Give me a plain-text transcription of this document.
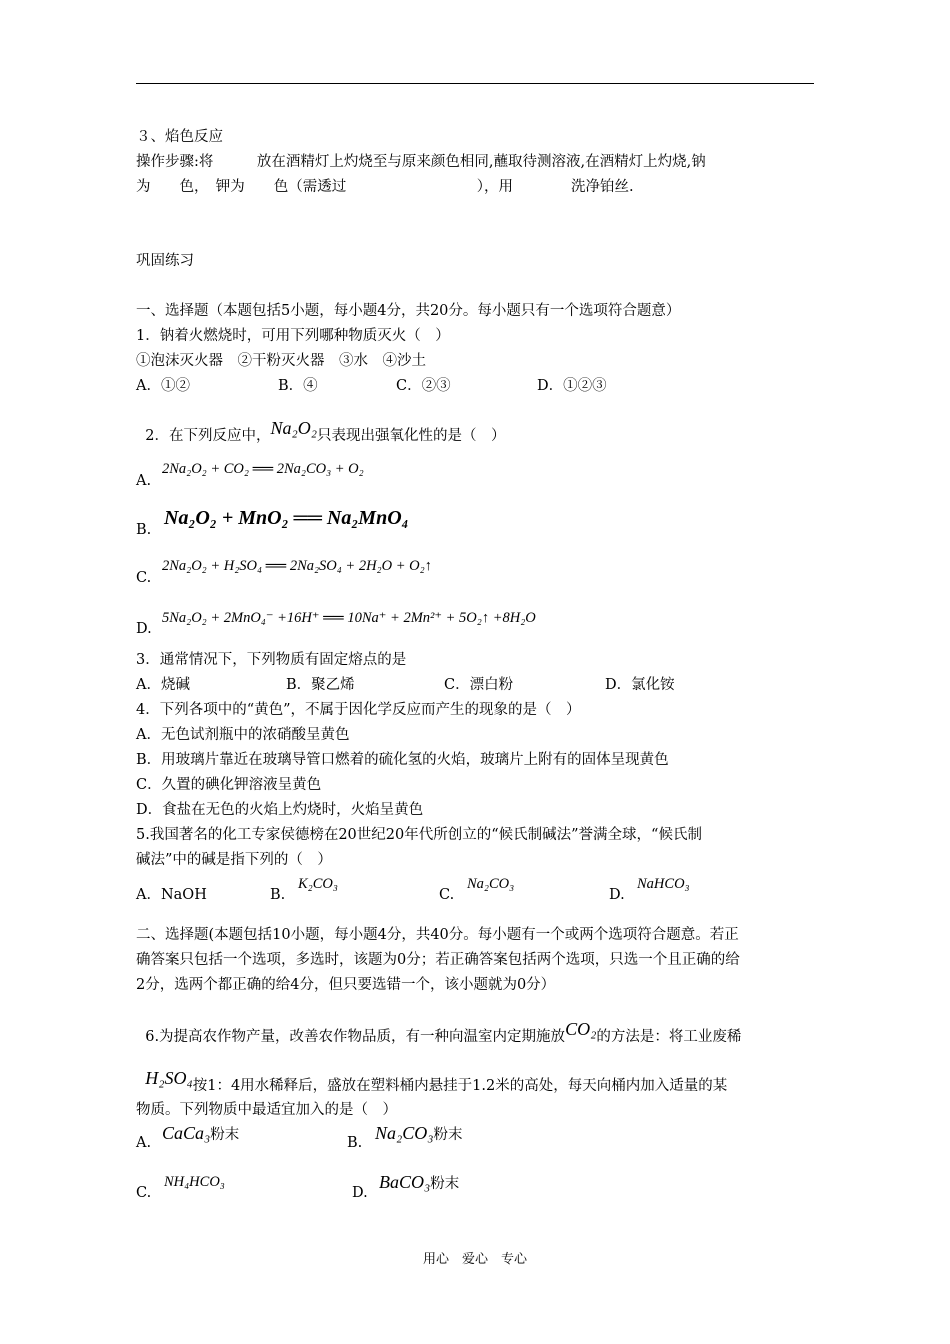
３、焰色反应
操作步骤:将　　　放在酒精灯上灼烧至与原来颜色相同,蘸取待测溶液,在酒精灯上灼烧,钠
为　　色，　钾为　　色（需透过　　　　　　　　　），用　　　　洗净铂丝.
巩固练习
一、选择题（本题包括5小题，每小题4分，共20分。每小题只有一个选项符合题意）
1．钠着火燃烧时，可用下列哪种物质灭火（　）
①泡沫灭火器　②干粉灭火器　③水　④沙土
A．①②	B．④	C．②③	D．①②③

2．在下列反应中，Na₂O₂只表现出强氧化性的是（　）

A.
2Na₂O₂ + CO₂ ══ 2Na₂CO₃ + O₂
B.
Na₂O₂ + MnO₂ ══ Na₂MnO₄
C.
2Na₂O₂ + H₂SO₄ ══ 2Na₂SO₄ + 2H₂O + O₂↑
D.
5Na₂O₂ + 2MnO₄⁻ +16H⁺ ══ 10Na⁺ + 2Mn²⁺ + 5O₂↑ +8H₂O
3．通常情况下，下列物质有固定熔点的是
A．烧碱	B．聚乙烯	C．漂白粉	D．氯化铵
4．下列各项中的“黄色”，不属于因化学反应而产生的现象的是（　）
A．无色试剂瓶中的浓硝酸呈黄色
B．用玻璃片靠近在玻璃导管口燃着的硫化氢的火焰，玻璃片上附有的固体呈现黄色
C．久置的碘化钾溶液呈黄色
D．食盐在无色的火焰上灼烧时，火焰呈黄色
5.我国著名的化工专家侯德榜在20世纪20年代所创立的“候氏制碱法”誉满全球，“候氏制
碱法”中的碱是指下列的（　）
A．NaOH	B.
K₂CO₃
C.
Na₂CO₃
D.
NaHCO₃
二、选择题(本题包括10小题，每小题4分，共40分。每小题有一个或两个选项符合题意。若正
确答案只包括一个选项，多选时，该题为0分；若正确答案包括两个选项，只选一个且正确的给
2分，选两个都正确的给4分，但只要选错一个，该小题就为0分）

6.为提高农作物产量，改善农作物品质，有一种向温室内定期施放CO₂的方法是：将工业废稀

H₂SO₄按1：4用水稀释后，盛放在塑料桶内悬挂于1.2米的高处，每天向桶内加入适量的某

物质。下列物质中最适宜加入的是（　）
A. CaCa₃粉末	B. Na₂CO₃粉末
C.
NH₄HCO₃
D.
BaCO₃粉末
用心　爱心　专心
